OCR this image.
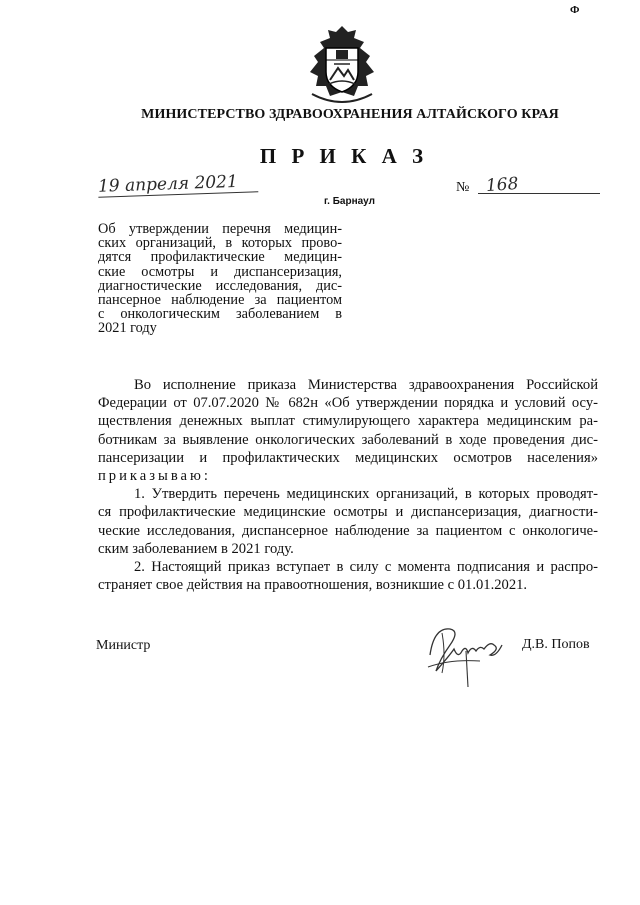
Ф
МИНИСТЕРСТВО ЗДРАВООХРАНЕНИЯ АЛТАЙСКОГО КРАЯ
П Р И К А З
19 апреля 2021
г. Барнаул
№ 168
Об утверждении перечня медицин-
ских организаций, в которых прово-
дятся профилактические медицин-
ские осмотры и диспансеризация,
диагностические исследования, дис-
пансерное наблюдение за пациентом
с онкологическим заболеванием в
2021 году

Во исполнение приказа Министерства здравоохранения Российской
Федерации от 07.07.2020 № 682н «Об утверждении порядка и условий осу-
ществления денежных выплат стимулирующего характера медицинским ра-
ботникам за выявление онкологических заболеваний в ходе проведения дис-
пансеризации и профилактических медицинских осмотров населения»
приказываю:

1. Утвердить перечень медицинских организаций, в которых проводят-
ся профилактические медицинские осмотры и диспансеризация, диагности-
ческие исследования, диспансерное наблюдение за пациентом с онкологиче-
ским заболеванием в 2021 году.

2. Настоящий приказ вступает в силу с момента подписания и распро-
страняет свое действия на правоотношения, возникшие с 01.01.2021.

Министр	Д.В. Попов
